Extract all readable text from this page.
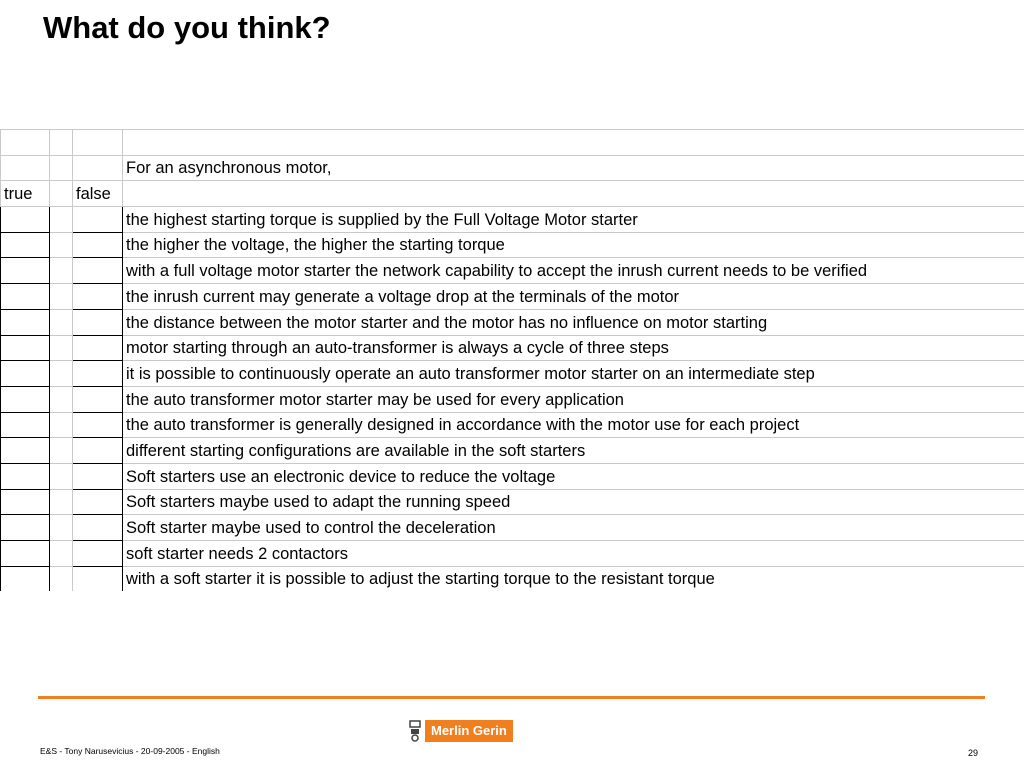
What do you think?

			For an asynchronous motor,
true		false	
			the highest starting torque is supplied by the Full Voltage Motor starter
			the higher the voltage, the higher the starting torque
			with a full voltage motor starter the network capability to accept the inrush current needs to be verified
			the inrush current may generate a voltage drop at the terminals of the motor
			the distance between the motor starter and the motor has no influence on motor starting
			motor starting through an auto-transformer is always a cycle of three steps
			it is possible to continuously operate an auto transformer motor starter on an intermediate step
			the auto transformer motor starter may be used for every application
			the auto transformer is generally designed in accordance with the motor use for each project
			different starting configurations are available in the soft starters
			Soft starters use an electronic device to reduce the voltage
			Soft starters maybe used to adapt the running speed
			Soft starter maybe used to control the deceleration
			soft starter needs 2 contactors
			with a soft starter it is possible to adjust the starting torque to the resistant torque
Merlin Gerin
E&S - Tony Narusevicius - 20-09-2005 - English	29
